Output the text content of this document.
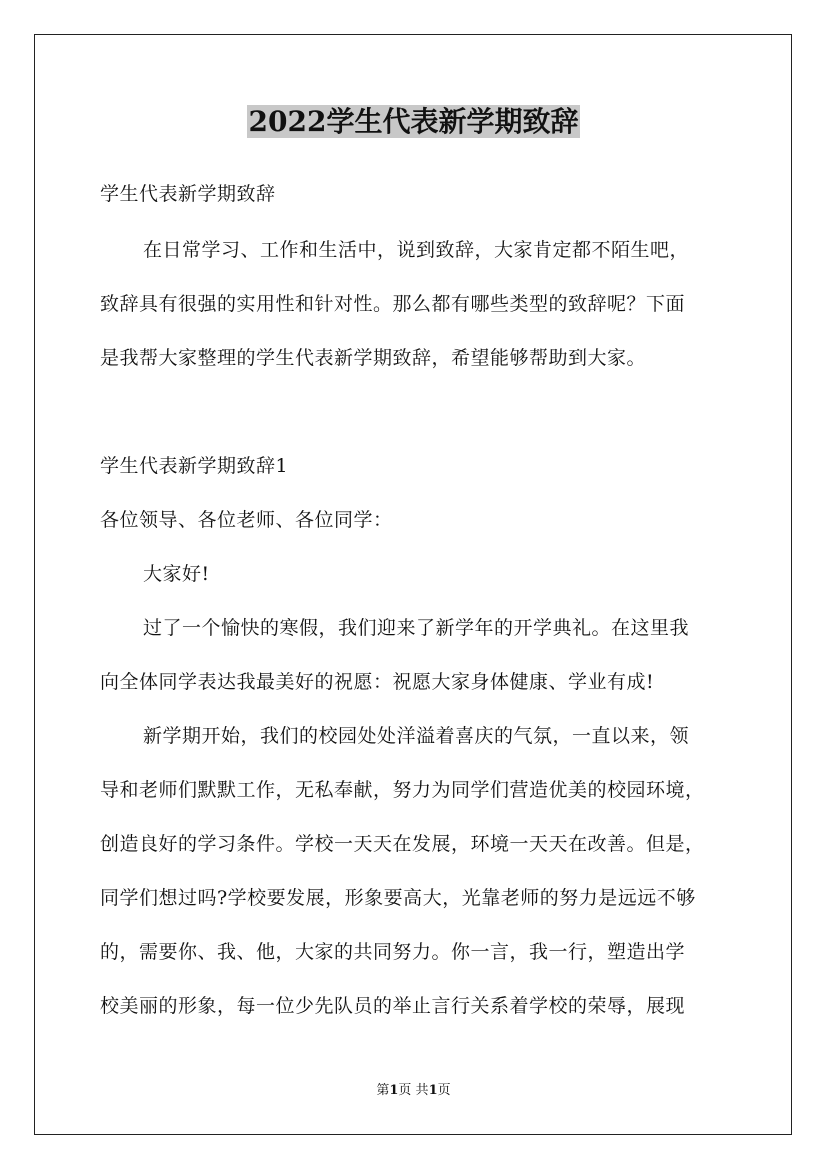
2022学生代表新学期致辞

学生代表新学期致辞

在日常学习、工作和生活中，说到致辞，大家肯定都不陌生吧，

致辞具有很强的实用性和针对性。那么都有哪些类型的致辞呢？下面

是我帮大家整理的学生代表新学期致辞，希望能够帮助到大家。

学生代表新学期致辞1

各位领导、各位老师、各位同学：

大家好!

过了一个愉快的寒假，我们迎来了新学年的开学典礼。在这里我

向全体同学表达我最美好的祝愿：祝愿大家身体健康、学业有成!

新学期开始，我们的校园处处洋溢着喜庆的气氛，一直以来，领

导和老师们默默工作，无私奉献，努力为同学们营造优美的校园环境，

创造良好的学习条件。学校一天天在发展，环境一天天在改善。但是，

同学们想过吗?学校要发展，形象要高大，光靠老师的努力是远远不够

的，需要你、我、他，大家的共同努力。你一言，我一行，塑造出学

校美丽的形象，每一位少先队员的举止言行关系着学校的荣辱，展现

第1页 共1页
